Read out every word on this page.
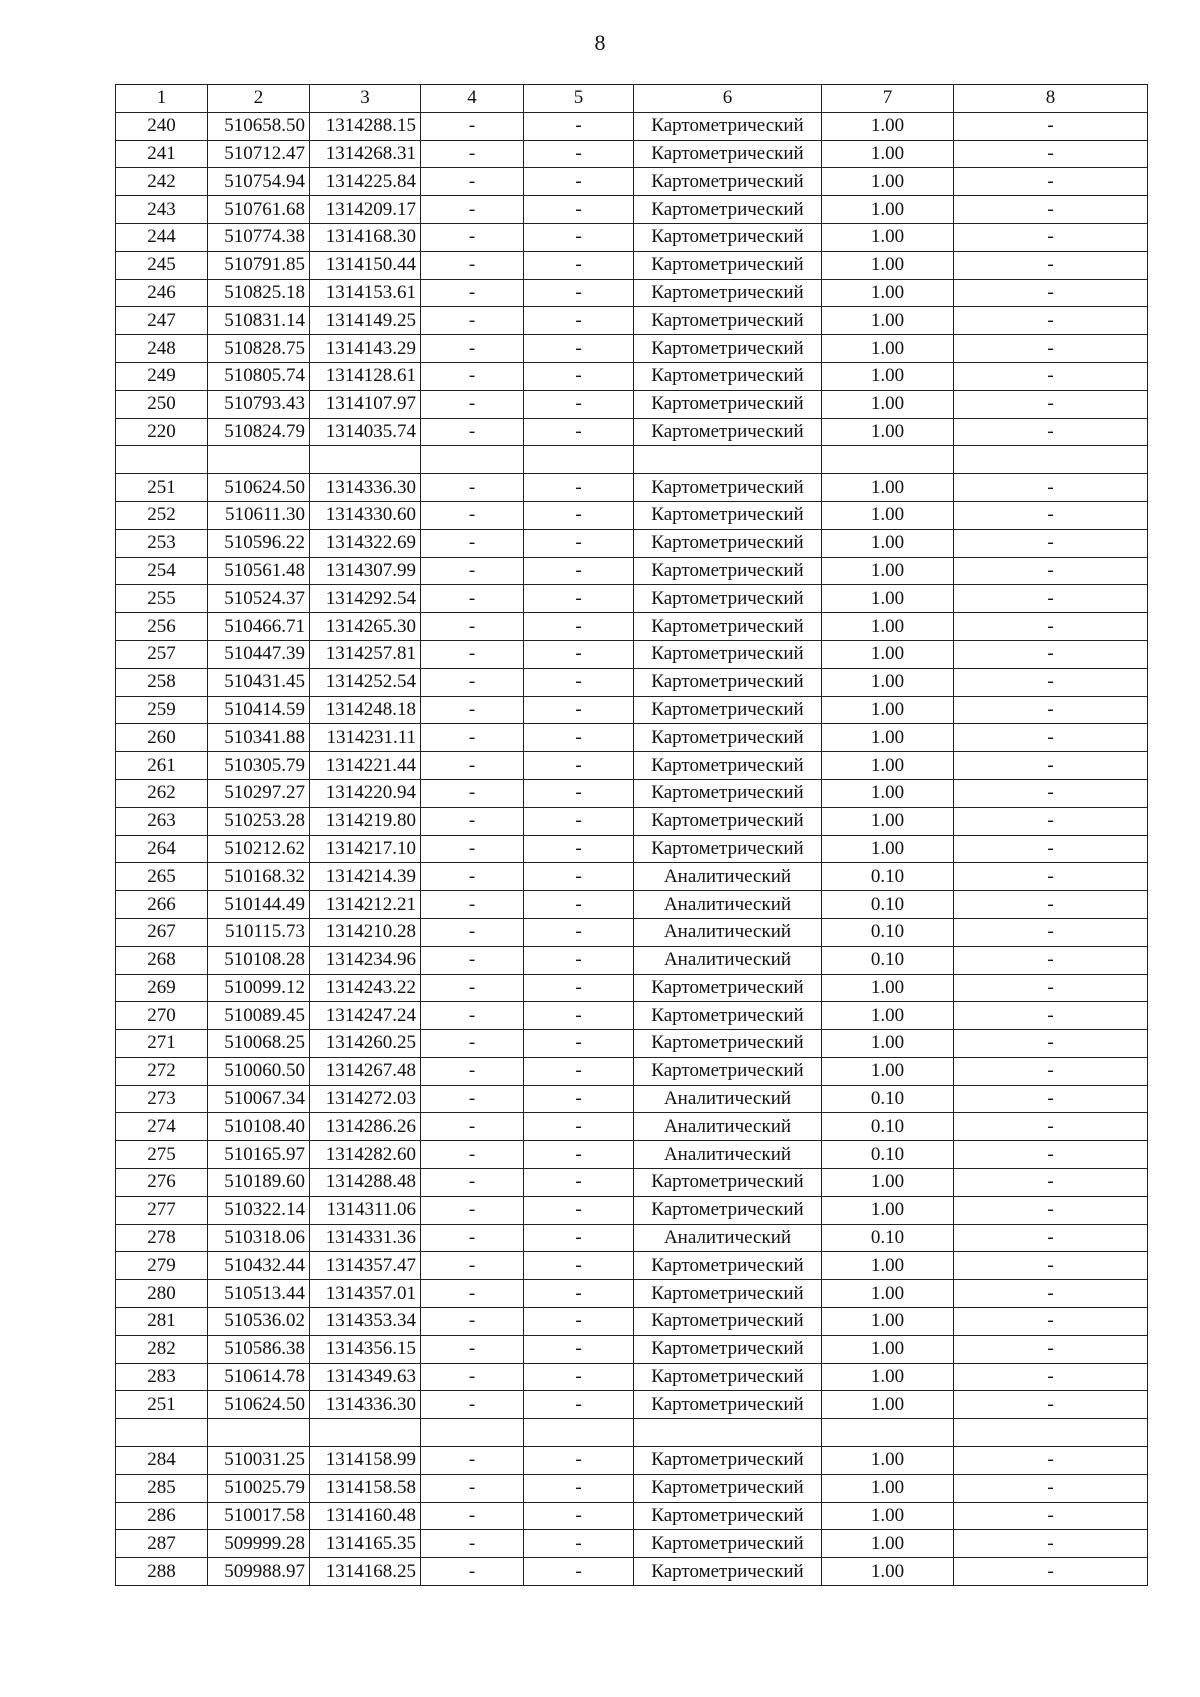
8
1	2	3	4	5	6	7	8
240	510658.50	1314288.15	-	-	Картометрический	1.00	-
241	510712.47	1314268.31	-	-	Картометрический	1.00	-
242	510754.94	1314225.84	-	-	Картометрический	1.00	-
243	510761.68	1314209.17	-	-	Картометрический	1.00	-
244	510774.38	1314168.30	-	-	Картометрический	1.00	-
245	510791.85	1314150.44	-	-	Картометрический	1.00	-
246	510825.18	1314153.61	-	-	Картометрический	1.00	-
247	510831.14	1314149.25	-	-	Картометрический	1.00	-
248	510828.75	1314143.29	-	-	Картометрический	1.00	-
249	510805.74	1314128.61	-	-	Картометрический	1.00	-
250	510793.43	1314107.97	-	-	Картометрический	1.00	-
220	510824.79	1314035.74	-	-	Картометрический	1.00	-

251	510624.50	1314336.30	-	-	Картометрический	1.00	-
252	510611.30	1314330.60	-	-	Картометрический	1.00	-
253	510596.22	1314322.69	-	-	Картометрический	1.00	-
254	510561.48	1314307.99	-	-	Картометрический	1.00	-
255	510524.37	1314292.54	-	-	Картометрический	1.00	-
256	510466.71	1314265.30	-	-	Картометрический	1.00	-
257	510447.39	1314257.81	-	-	Картометрический	1.00	-
258	510431.45	1314252.54	-	-	Картометрический	1.00	-
259	510414.59	1314248.18	-	-	Картометрический	1.00	-
260	510341.88	1314231.11	-	-	Картометрический	1.00	-
261	510305.79	1314221.44	-	-	Картометрический	1.00	-
262	510297.27	1314220.94	-	-	Картометрический	1.00	-
263	510253.28	1314219.80	-	-	Картометрический	1.00	-
264	510212.62	1314217.10	-	-	Картометрический	1.00	-
265	510168.32	1314214.39	-	-	Аналитический	0.10	-
266	510144.49	1314212.21	-	-	Аналитический	0.10	-
267	510115.73	1314210.28	-	-	Аналитический	0.10	-
268	510108.28	1314234.96	-	-	Аналитический	0.10	-
269	510099.12	1314243.22	-	-	Картометрический	1.00	-
270	510089.45	1314247.24	-	-	Картометрический	1.00	-
271	510068.25	1314260.25	-	-	Картометрический	1.00	-
272	510060.50	1314267.48	-	-	Картометрический	1.00	-
273	510067.34	1314272.03	-	-	Аналитический	0.10	-
274	510108.40	1314286.26	-	-	Аналитический	0.10	-
275	510165.97	1314282.60	-	-	Аналитический	0.10	-
276	510189.60	1314288.48	-	-	Картометрический	1.00	-
277	510322.14	1314311.06	-	-	Картометрический	1.00	-
278	510318.06	1314331.36	-	-	Аналитический	0.10	-
279	510432.44	1314357.47	-	-	Картометрический	1.00	-
280	510513.44	1314357.01	-	-	Картометрический	1.00	-
281	510536.02	1314353.34	-	-	Картометрический	1.00	-
282	510586.38	1314356.15	-	-	Картометрический	1.00	-
283	510614.78	1314349.63	-	-	Картометрический	1.00	-
251	510624.50	1314336.30	-	-	Картометрический	1.00	-

284	510031.25	1314158.99	-	-	Картометрический	1.00	-
285	510025.79	1314158.58	-	-	Картометрический	1.00	-
286	510017.58	1314160.48	-	-	Картометрический	1.00	-
287	509999.28	1314165.35	-	-	Картометрический	1.00	-
288	509988.97	1314168.25	-	-	Картометрический	1.00	-
